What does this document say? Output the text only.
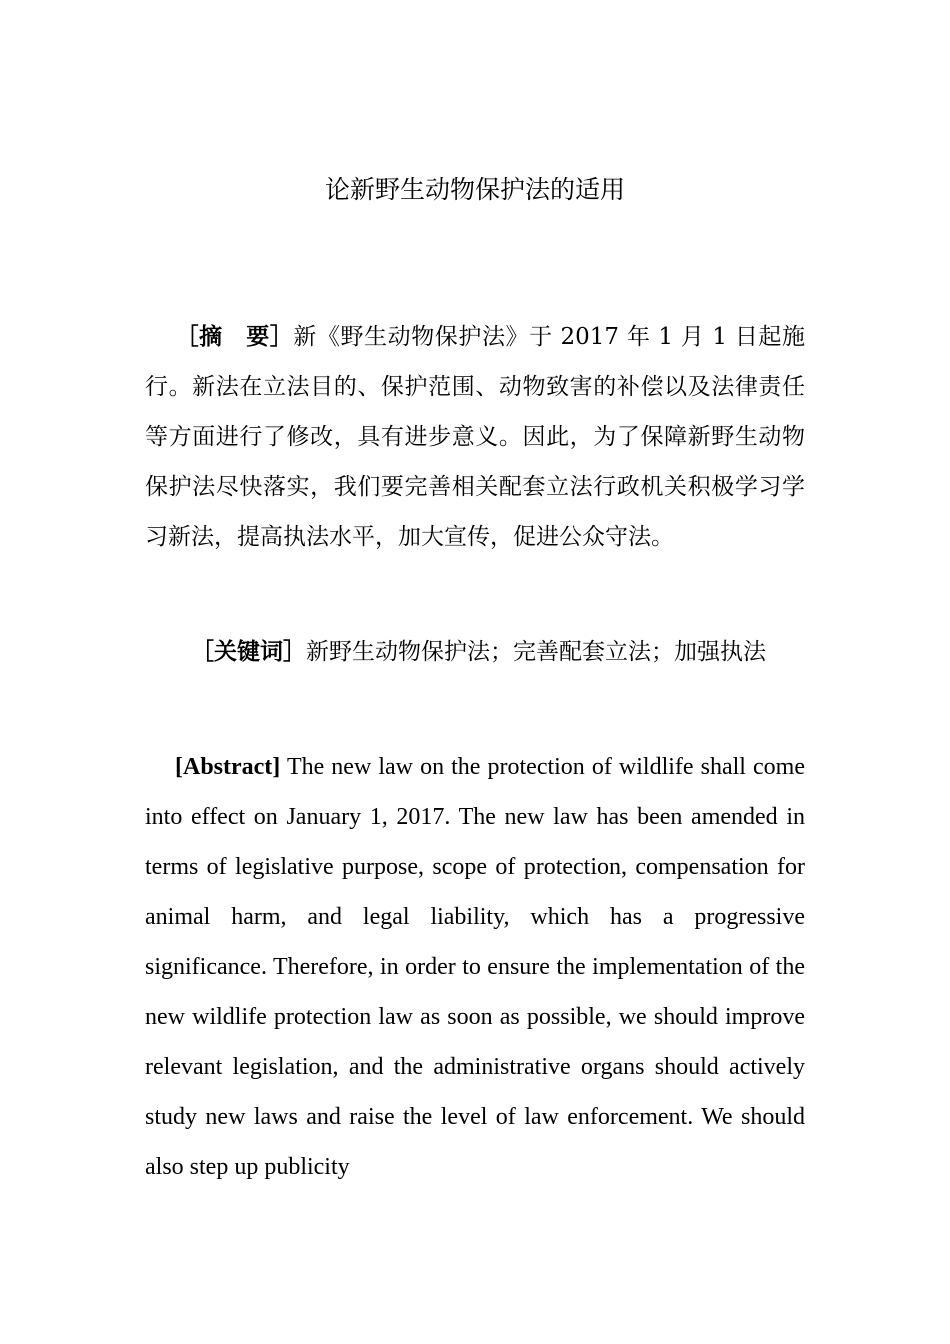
论新野生动物保护法的适用
［摘　要］新《野生动物保护法》于 2017 年 1 月 1 日起施行。新法在立法目的、保护范围、动物致害的补偿以及法律责任等方面进行了修改，具有进步意义。因此，为了保障新野生动物保护法尽快落实，我们要完善相关配套立法行政机关积极学习学习新法，提高执法水平，加大宣传，促进公众守法。
［关键词］新野生动物保护法；完善配套立法；加强执法
[Abstract] The new law on the protection of wildlife shall come into effect on January 1, 2017. The new law has been amended in terms of legislative purpose, scope of protection, compensation for animal harm, and legal liability, which has a progressive significance. Therefore, in order to ensure the implementation of the new wildlife protection law as soon as possible, we should improve relevant legislation, and the administrative organs should actively study new laws and raise the level of law enforcement. We should also step up publicity
